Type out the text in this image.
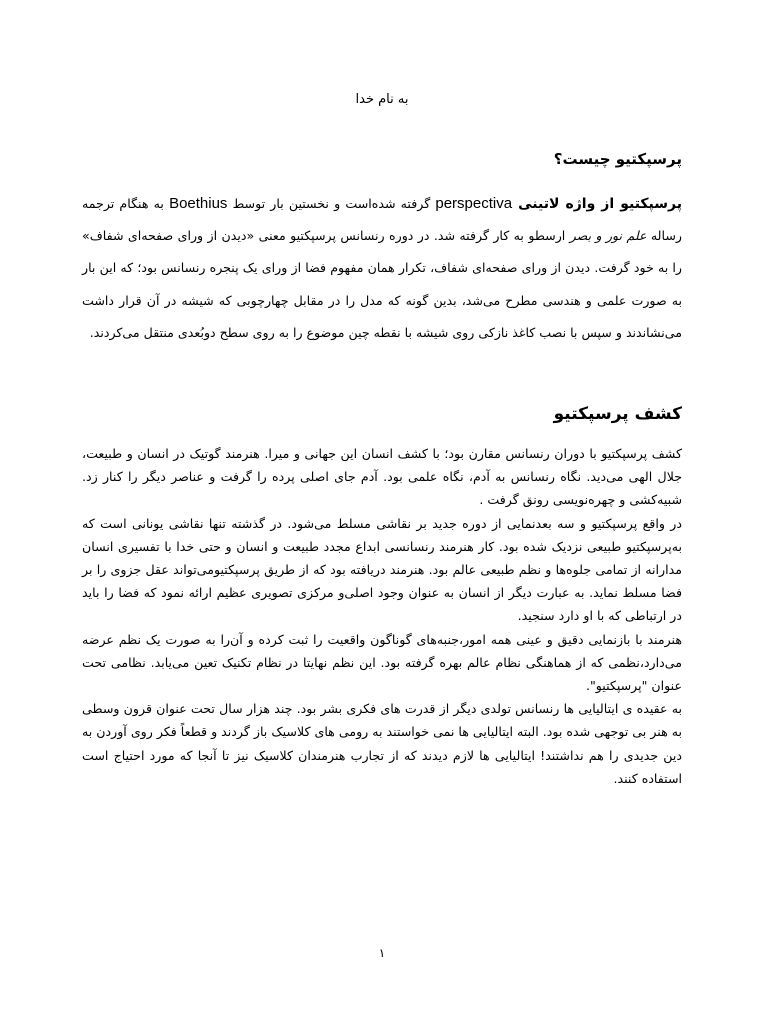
به نام خدا
پرسپکتیو چیست؟

پرسپکتیو از واژه لاتینی perspectiva گرفته شده‌است و نخستین بار توسط Boethius به هنگام ترجمه رساله علم نور و بصر ارسطو به کار گرفته شد. در دوره رنسانس پرسپکتیو معنی «دیدن از ورای صفحه‌ای شفاف» را به خود گرفت. دیدن از ورای صفحه‌ای شفاف، تکرار همان مفهوم فضا از ورای یک پنجره رنسانس بود؛ که این بار به صورت علمی و هندسی مطرح می‌شد، بدین گونه که مدل را در مقابل چهارچوبی که شیشه در آن قرار داشت می‌نشاندند و سپس با نصب کاغذ نازکی روی شیشه با نقطه چین موضوع را به روی سطح دوبُعدی منتقل می‌کردند.

کشف پرسپکتیو

کشف پرسپکتیو با دوران رنسانس مقارن بود؛ با کشف انسان این جهانی و میرا. هنرمند گوتیک در انسان و طبیعت، جلال الهی می‌دید. نگاه رنسانس به آدم، نگاه علمی بود. آدم جای اصلی پرده را گرفت و عناصر دیگر را کنار زد. شبیه‌کشی و چهره‌نویسی رونق گرفت .

در واقع پرسپکتیو و سه بعدنمایی از دوره جدید بر نقاشی مسلط می‌شود. در گذشته تنها نقاشی یونانی است که به‌پرسپکتیو طبیعی نزدیک شده بود. کار هنرمند رنسانسی ابداع مجدد طبیعت و انسان و حتی خدا با تفسیری انسان مدارانه از تمامی جلوه‌ها و نظم طبیعی عالم بود. هنرمند دریافته بود که از طریق پرسپکتیومی‌تواند عقل جزوی را بر فضا مسلط نماید. به عبارت دیگر از انسان به عنوان وجود اصلی‌و مرکزی تصویری عظیم ارائه نمود که فضا را باید در ارتباطی که با او دارد سنجید.

هنرمند با بازنمایی دقیق و عینی همه امور،جنبه‌های گوناگون واقعیت را ثبت کرده و آن‌را به صورت یک نظم عرضه می‌دارد،نظمی که از هماهنگی نظام عالم بهره گرفته بود. این نظم نهایتا در نظام تکنیک تعین می‌یابد. نظامی تحت عنوان "پرسپکتیو".

به عقیده ی ایتالیایی ها رنسانس تولدی دیگر از قدرت های فکری بشر بود. چند هزار سال تحت عنوان قرون وسطی به هنر بی توجهی شده بود. البته ایتالیایی ها نمی خواستند به رومی های کلاسیک باز گردند و قطعاً فکر روی آوردن به دین جدیدی را هم نداشتند! ایتالیایی ها لازم دیدند که از تجارب هنرمندان کلاسیک نیز تا آنجا که مورد احتیاج است استفاده کنند.

۱
